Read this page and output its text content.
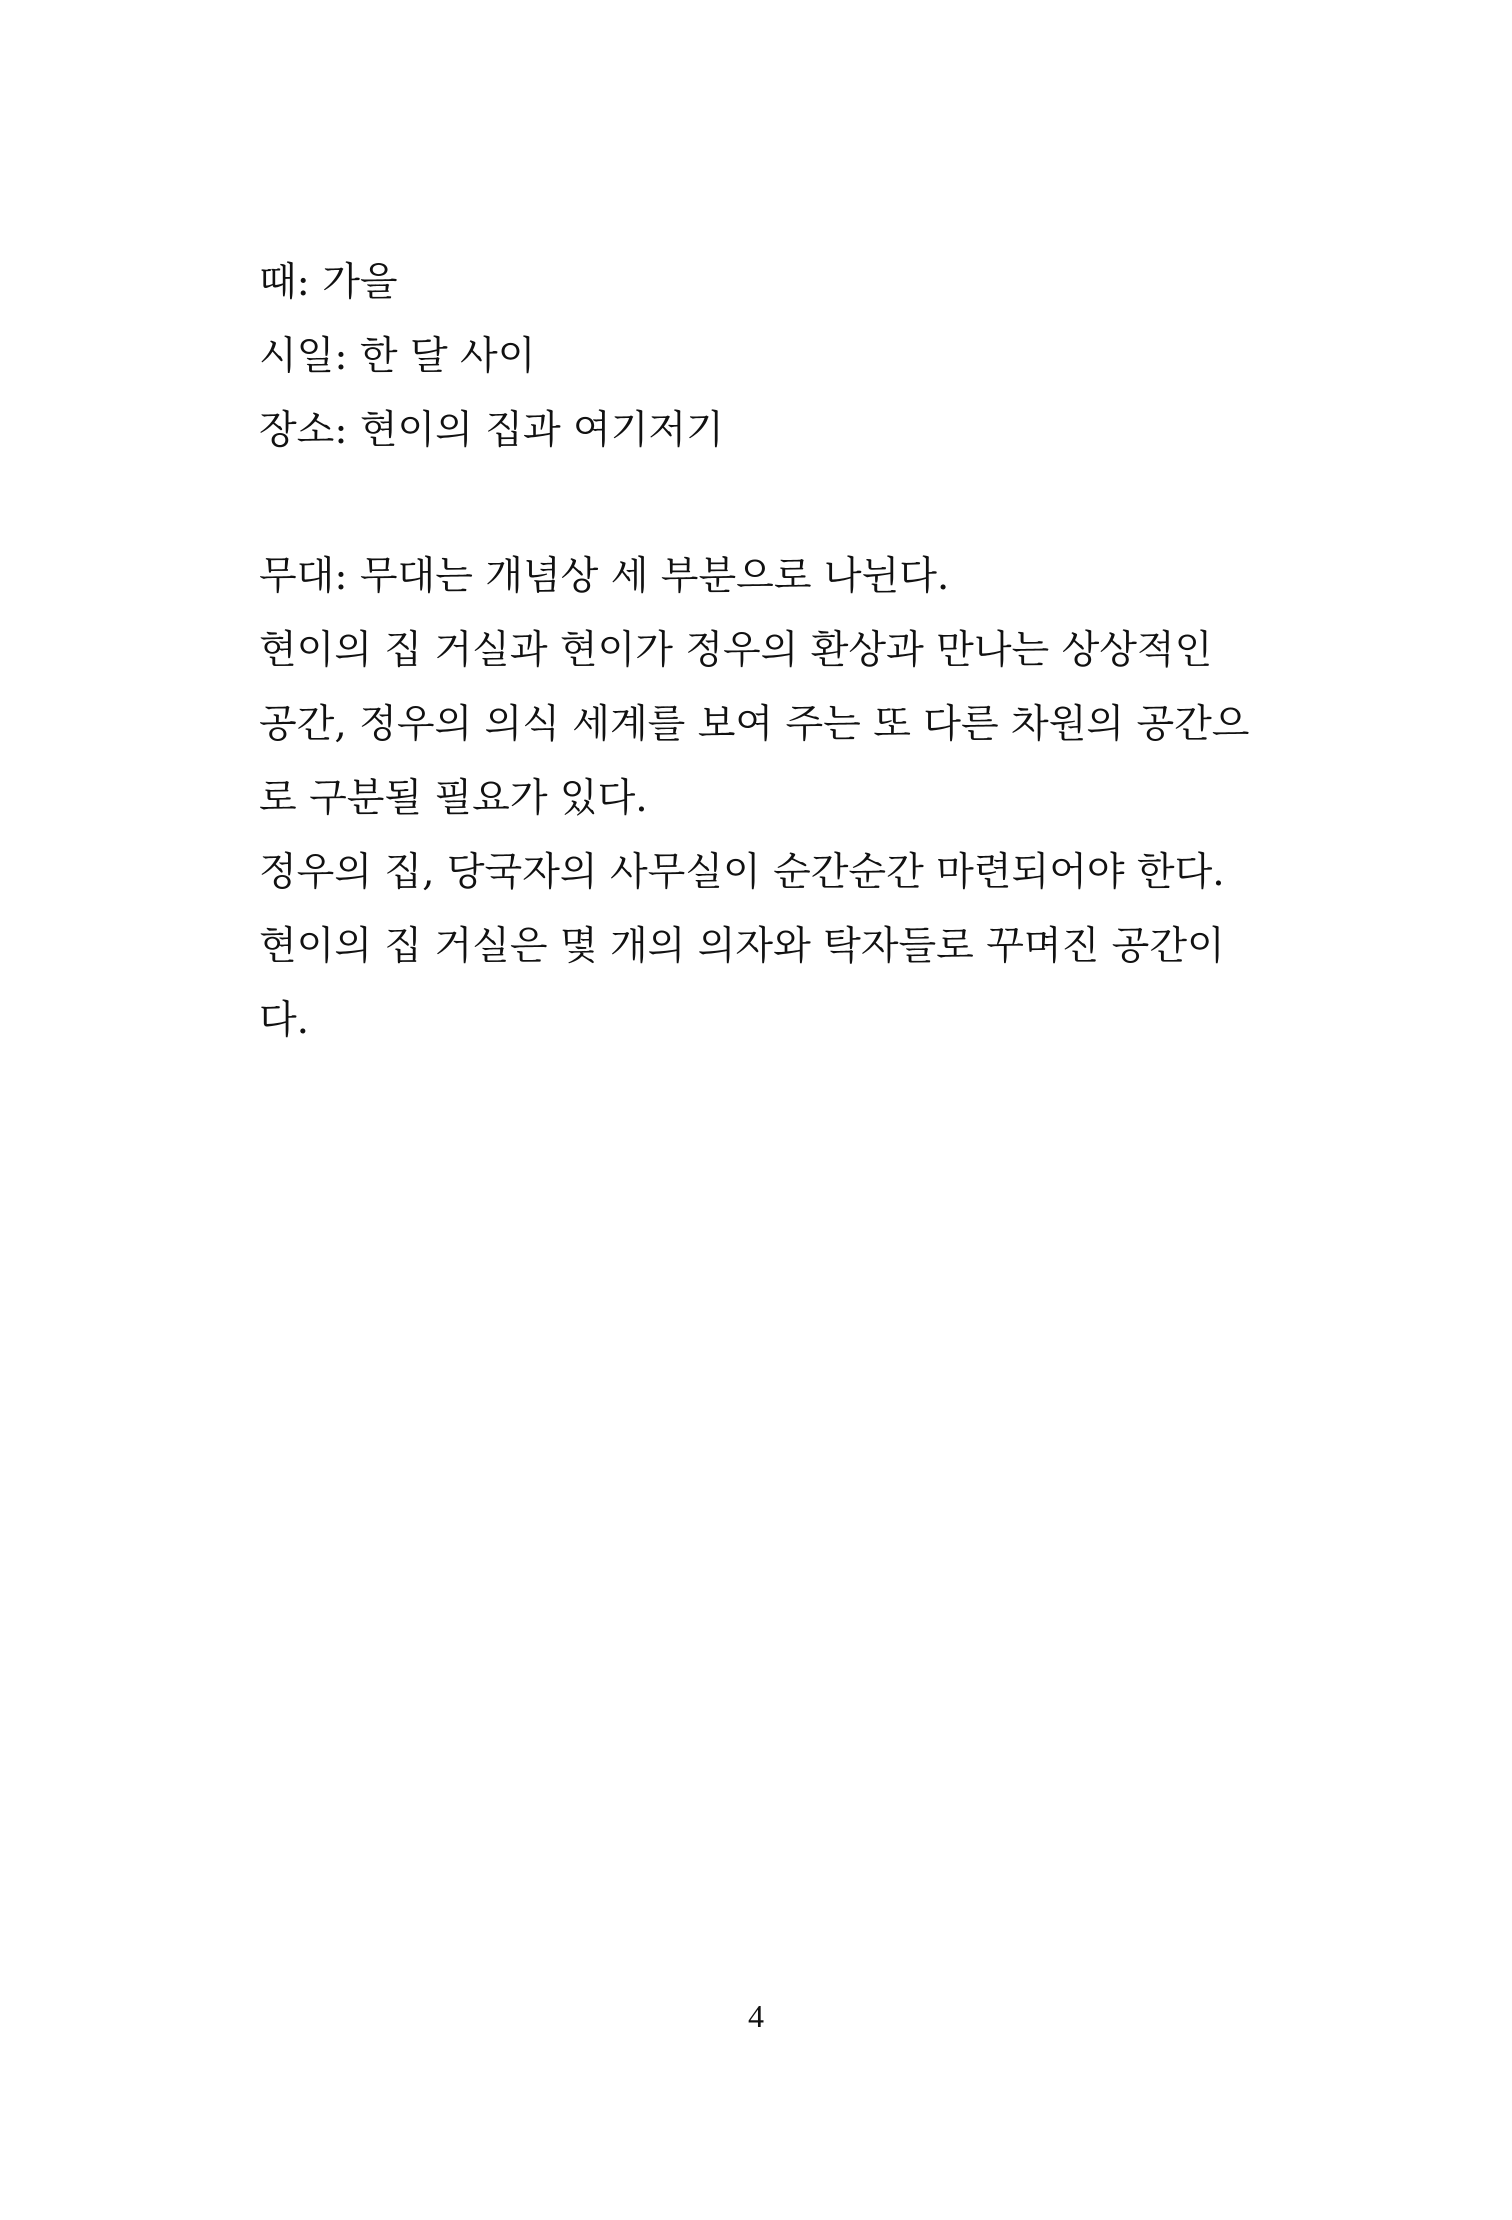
때: 가을
시일: 한 달 사이
장소: 현이의 집과 여기저기
무대: 무대는 개념상 세 부분으로 나뉜다.
현이의 집 거실과 현이가 정우의 환상과 만나는 상상적인
공간, 정우의 의식 세계를 보여 주는 또 다른 차원의 공간으
로 구분될 필요가 있다.
정우의 집, 당국자의 사무실이 순간순간 마련되어야 한다.
현이의 집 거실은 몇 개의 의자와 탁자들로 꾸며진 공간이
다.
4
